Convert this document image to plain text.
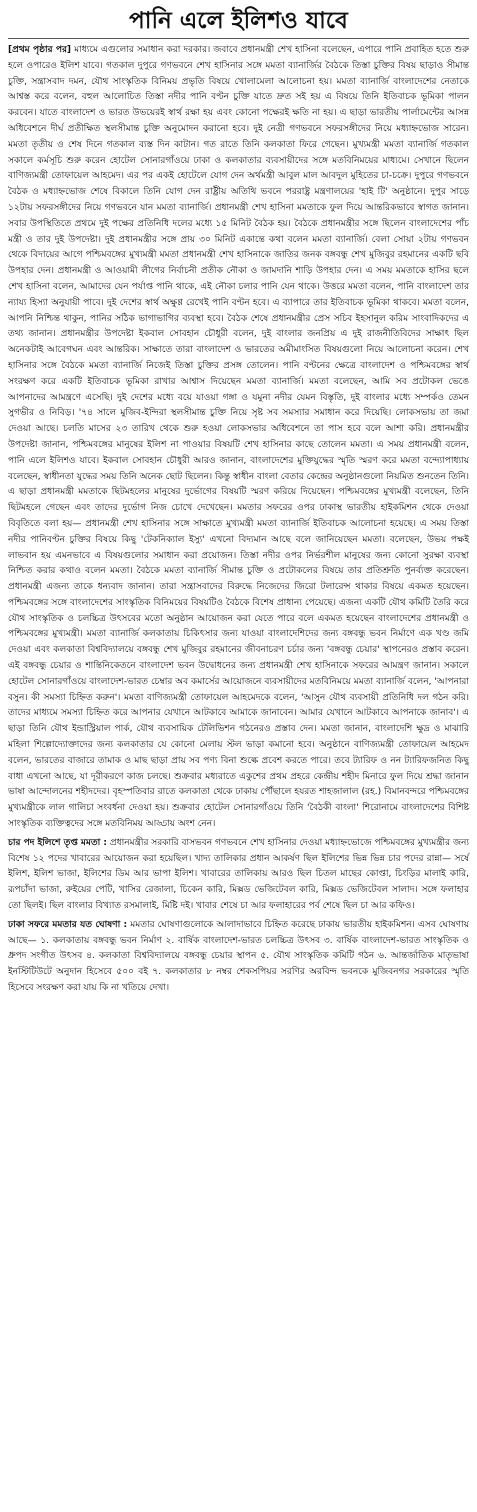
পানি এলে ইলিশও যাবে

[প্রথম পৃষ্ঠার পর] মাধ্যমে এগুলোর সমাধান করা দরকার। জবাবে প্রধানমন্ত্রী শেখ হাসিনা বলেছেন, এপারে পানি প্রবাহিত হতে শুরু হলে ওপারেও ইলিশ যাবে। গতকাল দুপুরে গণভবনে শেখ হাসিনার সঙ্গে মমতা ব্যানার্জির বৈঠকে তিস্তা চুক্তির বিষয় ছাড়াও সীমান্ত চুক্তি, সন্ত্রাসবাদ দমন, যৌথ সাংস্কৃতিক বিনিময় প্রভৃতি বিষয়ে খোলামেলা আলোচনা হয়। মমতা ব্যানার্জি বাংলাদেশের নেতাকে আশ্বস্ত করে বলেন, বহুল আলোচিত তিস্তা নদীর পানি বণ্টন চুক্তি যাতে দ্রুত সই হয় এ বিষয়ে তিনি ইতিবাচক ভূমিকা পালন করবেন। যাতে বাংলাদেশ ও ভারত উভয়েরই স্বার্থ রক্ষা হয় এবং কোনো পক্ষেরই ক্ষতি না হয়। এ ছাড়া ভারতীয় পার্লামেন্টের আসন্ন অধিবেশনে দীর্ঘ প্রতীক্ষিত স্থলসীমান্ত চুক্তি অনুমোদন করানো হবে। দুই নেত্রী গণভবনে সফরসঙ্গীদের নিয়ে মধ্যাহ্নভোজ সারেন। মমতা তৃতীয় ও শেষ দিনে গতকাল ব্যস্ত দিন কাটান। গত রাতে তিনি কলকাতা ফিরে গেছেন। মুখ্যমন্ত্রী মমতা ব্যানার্জি গতকাল সকালে কর্মসূচি শুরু করেন হোটেল সোনারগাঁওয়ে ঢাকা ও কলকাতার ব্যবসায়ীদের সঙ্গে মতবিনিময়ের মাধ্যমে। সেখানে ছিলেন বাণিজ্যমন্ত্রী তোফায়েল আহমেদ। এর পর একই হোটেলে যোগ দেন অর্থমন্ত্রী আবুল মাল আবদুল মুহিতের চা-চক্রে। দুপুরে গণভবনে বৈঠক ও মধ্যাহ্নভোজ শেষে বিকালে তিনি যোগ দেন রাষ্ট্রীয় অতিথি ভবনে পররাষ্ট্র মন্ত্রণালয়ের 'হাই টি' অনুষ্ঠানে। দুপুর সাড়ে ১২টায় সফরসঙ্গীদের নিয়ে গণভবনে যান মমতা ব্যানার্জি। প্রধানমন্ত্রী শেখ হাসিনা মমতাকে ফুল দিয়ে আন্তরিকভাবে স্বাগত জানান। সবার উপস্থিতিতে প্রথমে দুই পক্ষের প্রতিনিধি দলের মধ্যে ১৫ মিনিট বৈঠক হয়। বৈঠকে প্রধানমন্ত্রীর সঙ্গে ছিলেন বাংলাদেশের পাঁচ মন্ত্রী ও তার দুই উপদেষ্টা। দুই প্রধানমন্ত্রীর সঙ্গে প্রায় ৩০ মিনিট একান্তে কথা বলেন মমতা ব্যানার্জি। বেলা সোয়া ২টায় গণভবন থেকে বিদায়ের আগে পশ্চিমবঙ্গের মুখ্যমন্ত্রী মমতা প্রধানমন্ত্রী শেখ হাসিনাকে জাতির জনক বঙ্গবন্ধু শেখ মুজিবুর রহমানের একটি ছবি উপহার দেন। প্রধানমন্ত্রী ও আওয়ামী লীগের নির্বাচনী প্রতীক নৌকা ও জামদানি শাড়ি উপহার দেন। এ সময় মমতাকে হাসির ছলে শেখ হাসিনা বলেন, আমাদের যেন পর্যাপ্ত পানি থাকে, এই নৌকা চলার পানি যেন থাকে। উত্তরে মমতা বলেন, পানি বাংলাদেশ তার ন্যায্য হিস্যা অনুযায়ী পাবে। দুই দেশের স্বার্থ অক্ষুণ্ণ রেখেই পানি বণ্টন হবে। এ ব্যাপারে তার ইতিবাচক ভূমিকা থাকবে। মমতা বলেন, আপনি নিশ্চিন্ত থাকুন, পানির সঠিক ভাগাভাগির ব্যবস্থা হবে। বৈঠক শেষে প্রধানমন্ত্রীর প্রেস সচিব ইহসানুল করিম সাংবাদিকদের এ তথ্য জানান। প্রধানমন্ত্রীর উপদেষ্টা ইকবাল সোবহান চৌধুরী বলেন, দুই বাংলার জনপ্রিয় এ দুই রাজনীতিবিদের সাক্ষাৎ ছিল অনেকটাই আবেগঘন এবং আন্তরিক। সাক্ষাতে তারা বাংলাদেশ ও ভারতের অমীমাংসিত বিষয়গুলো নিয়ে আলোচনা করেন। শেখ হাসিনার সঙ্গে বৈঠকে মমতা ব্যানার্জি নিজেই তিস্তা চুক্তির প্রসঙ্গ তোলেন। পানি বণ্টনের ক্ষেত্রে বাংলাদেশ ও পশ্চিমবঙ্গের স্বার্থ সংরক্ষণ করে একটি ইতিবাচক ভূমিকা রাখার আশ্বাস দিয়েছেন মমতা ব্যানার্জি। মমতা বলেছেন, আমি সব প্রটোকল ভেঙে আপনাদের আমন্ত্রণে এসেছি। দুই দেশের মধ্যে বয়ে যাওয়া গঙ্গা ও যমুনা নদীর যেমন বিস্তৃতি, দুই বাংলার মধ্যে সম্পর্কও তেমন সুগভীর ও নিবিড়। '৭৪ সালে মুজিব-ইন্দিরা স্থলসীমান্ত চুক্তি নিয়ে সৃষ্ট সব সমস্যার সমাধান করে দিয়েছি। লোকসভায় তা জমা দেওয়া আছে। চলতি মাসের ২৩ তারিখ থেকে শুরু হওয়া লোকসভার অধিবেশনে তা পাস হবে বলে আশা করি। প্রধানমন্ত্রীর উপদেষ্টা জানান, পশ্চিমবঙ্গের মানুষের ইলিশ না পাওয়ার বিষয়টি শেখ হাসিনার কাছে তোলেন মমতা। এ সময় প্রধানমন্ত্রী বলেন, পানি এলে ইলিশও যাবে। ইকবাল সোবহান চৌধুরী আরও জানান, বাংলাদেশের মুক্তিযুদ্ধের স্মৃতি স্মরণ করে মমতা বন্দ্যোপাধ্যায় বলেছেন, স্বাধীনতা যুদ্ধের সময় তিনি অনেক ছোট ছিলেন। কিন্তু স্বাধীন বাংলা বেতার কেন্দ্রের অনুষ্ঠানগুলো নিয়মিত শুনতেন তিনি। এ ছাড়া প্রধানমন্ত্রী মমতাকে ছিটমহলের মানুষের দুর্ভোগের বিষয়টি স্মরণ করিয়ে দিয়েছেন। পশ্চিমবঙ্গের মুখ্যমন্ত্রী বলেছেন, তিনি ছিটমহলে গেছেন এবং তাদের দুর্ভোগ নিজ চোখে দেখেছেন। মমতার সফরের ওপর ঢাকাস্থ ভারতীয় হাইকমিশন থেকে দেওয়া বিবৃতিতে বলা হয়— প্রধানমন্ত্রী শেখ হাসিনার সঙ্গে সাক্ষাতে মুখ্যমন্ত্রী মমতা ব্যানার্জি ইতিবাচক আলোচনা হয়েছে। এ সময় তিস্তা নদীর পানিবণ্টন চুক্তির বিষয়ে কিছু 'টেকনিক্যাল ইস্যু' এখনো বিদ্যমান আছে বলে জানিয়েছেন মমতা। বলেছেন, উভয় পক্ষই লাভবান হয় এমনভাবে এ বিষয়গুলোর সমাধান করা প্রয়োজন। তিস্তা নদীর ওপর নির্ভরশীল মানুষের জন্য কোনো সুরক্ষা ব্যবস্থা নিশ্চিত করার কথাও বলেন মমতা। বৈঠকে মমতা ব্যানার্জি সীমান্ত চুক্তি ও প্রটোকলের বিষয়ে তার প্রতিশ্রুতি পুনর্ব্যক্ত করেছেন। প্রধানমন্ত্রী এজন্য তাকে ধন্যবাদ জানান। তারা সন্ত্রাসবাদের বিরুদ্ধে নিজেদের জিরো টলারেন্স থাকার বিষয়ে একমত হয়েছেন। পশ্চিমবঙ্গের সঙ্গে বাংলাদেশের সাংস্কৃতিক বিনিময়ের বিষয়টিও বৈঠকে বিশেষ প্রাধান্য পেয়েছে। এজন্য একটি যৌথ কমিটি তৈরি করে যৌথ সাংস্কৃতিক ও চলচ্চিত্র উৎসবের মতো অনুষ্ঠান আয়োজন করা যেতে পারে বলে একমত হয়েছেন বাংলাদেশের প্রধানমন্ত্রী ও পশ্চিমবঙ্গের মুখ্যমন্ত্রী। মমতা ব্যানার্জি কলকাতায় চিকিৎসার জন্য যাওয়া বাংলাদেশিদের জন্য বঙ্গবন্ধু ভবন নির্মাণে এক খণ্ড জমি দেওয়া এবং কলকাতা বিশ্ববিদ্যালয়ে বঙ্গবন্ধু শেখ মুজিবুর রহমানের জীবনাচরণ চর্চার জন্য 'বঙ্গবন্ধু চেয়ার' স্থাপনেরও প্রস্তাব করেন। এই বঙ্গবন্ধু চেয়ার ও শান্তিনিকেতনে বাংলাদেশ ভবন উদ্বোধনের জন্য প্রধানমন্ত্রী শেখ হাসিনাকে সফরের আমন্ত্রণ জানান। সকালে হোটেল সোনারগাঁওয়ে বাংলাদেশ-ভারত চেম্বার অব কমার্সের আয়োজনে ব্যবসায়ীদের মতবিনিময়ে মমতা ব্যানার্জি বলেন, 'আপনারা বসুন। কী সমস্যা চিহ্নিত করুন'। মমতা বাণিজ্যমন্ত্রী তোফায়েল আহমেদকে বলেন, 'আসুন যৌথ ব্যবসায়ী প্রতিনিধি দল গঠন করি। তাদের মাধ্যমে সমস্যা চিহ্নিত করে আপনার যেখানে আটকাবে আমাকে জানাবেন। আমার যেখানে আটকাবে আপনাকে জানাব'। এ ছাড়া তিনি যৌথ ইন্ডাস্ট্রিয়াল পার্ক, যৌথ ব্যবসায়িক টেলিভিশন গঠনেরও প্রস্তাব দেন। মমতা জানান, বাংলাদেশি ক্ষুদ্র ও মাঝারি মহিলা শিল্পোদ্যোক্তাদের জন্য কলকাতার যে কোনো মেলায় স্টল ভাড়া কমানো হবে। অনুষ্ঠানে বাণিজ্যমন্ত্রী তোফায়েল আহমেদ বলেন, ভারতের বাজারে তামাক ও মাছ ছাড়া প্রায় সব পণ্য বিনা শুল্কে প্রবেশ করতে পারে। তবে ট্যারিফ ও নন ট্যারিফজনিত কিছু বাধা এখনো আছে, যা দূরীকরণে কাজ চলছে। শুক্রবার মধ্যরাতে একুশের প্রথম প্রহরে কেন্দ্রীয় শহীদ মিনারে ফুল দিয়ে শ্রদ্ধা জানান ভাষা আন্দোলনের শহীদদের। বৃহস্পতিবার রাতে কলকাতা থেকে ঢাকায় পৌঁছালে হযরত শাহজালাল (রহ.) বিমানবন্দরে পশ্চিমবঙ্গের মুখ্যমন্ত্রীকে লাল গালিচা সংবর্ধনা দেওয়া হয়। শুক্রবার হোটেল সোনারগাঁওয়ে তিনি 'বৈঠকী বাংলা' শিরোনামে বাংলাদেশের বিশিষ্ট সাংস্কৃতিক ব্যক্তিত্বদের সঙ্গে মতবিনিময় আড্ডায় অংশ নেন।

চার পদ ইলিশে তৃপ্ত মমতা : প্রধানমন্ত্রীর সরকারি বাসভবন গণভবনে শেখ হাসিনার দেওয়া মধ্যাহ্নভোজে পশ্চিমবঙ্গের মুখ্যমন্ত্রীর জন্য বিশেষ ১২ পদের খাবারের আয়োজন করা হয়েছিল। খাদ্য তালিকার প্রধান আকর্ষণ ছিল ইলিশের ভিন্ন ভিন্ন চার পদের রান্না— সর্ষে ইলিশ, ইলিশ ভাজা, ইলিশের ডিম আর ভাপা ইলিশ। খাবারের তালিকায় আরও ছিল চিতল মাছের কোপ্তা, চিংড়ির মালাই কারি, রূপচাঁদা ভাজা, রুইয়ের পেটি, খাসির রেজালা, চিকেন কারি, মিক্সড ভেজিটেবল কারি, মিক্সড ভেজিটেবল সালাদ। সঙ্গে ফলাহার তো ছিলই। ছিল বাংলার বিখ্যাত রসমালাই, মিষ্টি দই। খাবার শেষে চা আর ফলাহারের পর্ব শেষে ছিল চা আর কফিও।

ঢাকা সফরে মমতার যত ঘোষণা : মমতার ঘোষণাগুলোকে আলাদাভাবে চিহ্নিত করেছে ঢাকায় ভারতীয় হাইকমিশন। এসব ঘোষণায় আছে— ১. কলকাতায় বঙ্গবন্ধু ভবন নির্মাণ ২. বার্ষিক বাংলাদেশ-ভারত চলচ্চিত্র উৎসব ৩. বার্ষিক বাংলাদেশ-ভারত সাংস্কৃতিক ও ধ্রুপদ সংগীত উৎসব ৪. কলকাতা বিশ্ববিদ্যালয়ে বঙ্গবন্ধু চেয়ার স্থাপন ৫. যৌথ সাংস্কৃতিক কমিটি গঠন ৬. আন্তর্জাতিক মাতৃভাষা ইনস্টিটিউটে অনুদান হিসেবে ৫০০ বই ৭. কলকাতার ৮ নম্বর শেকসপিয়র সরণির অরবিন্দ ভবনকে মুজিবনগর সরকারের স্মৃতি হিসেবে সংরক্ষণ করা যায় কি না খতিয়ে দেখা।
